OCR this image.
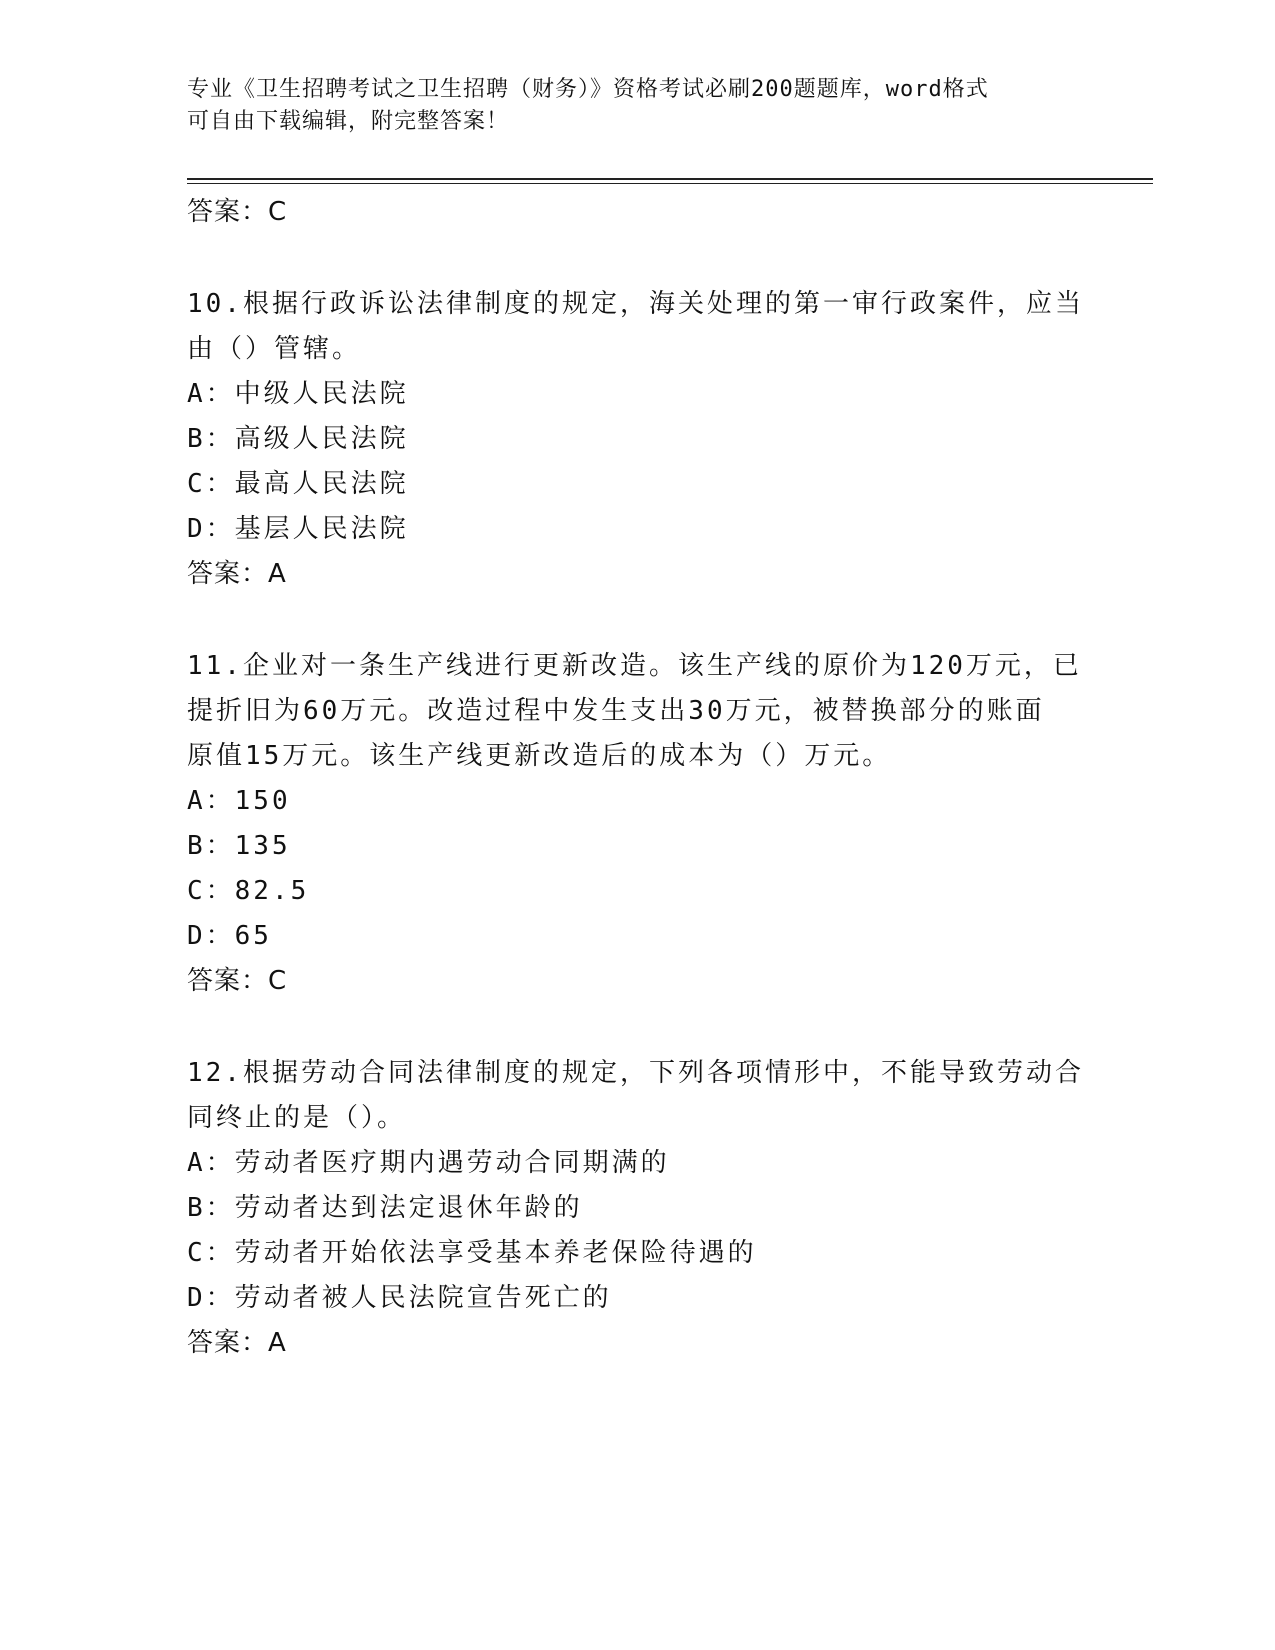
专业《卫生招聘考试之卫生招聘（财务）》资格考试必刷200题题库，word格式
可自由下载编辑，附完整答案！
答案：C
10.根据行政诉讼法律制度的规定，海关处理的第一审行政案件，应当
由（）管辖。
A：中级人民法院
B：高级人民法院
C：最高人民法院
D：基层人民法院
答案：A
11.企业对一条生产线进行更新改造。该生产线的原价为120万元，已
提折旧为60万元。改造过程中发生支出30万元，被替换部分的账面
原值15万元。该生产线更新改造后的成本为（）万元。
A：150
B：135
C：82.5
D：65
答案：C
12.根据劳动合同法律制度的规定，下列各项情形中，不能导致劳动合
同终止的是（）。
A：劳动者医疗期内遇劳动合同期满的
B：劳动者达到法定退休年龄的
C：劳动者开始依法享受基本养老保险待遇的
D：劳动者被人民法院宣告死亡的
答案：A
